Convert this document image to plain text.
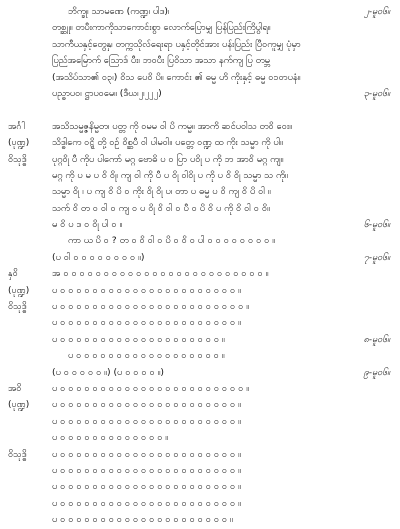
ဘိက္ခု၊ သာမဏေ (ကဏ္ဍ၊ ပါဒ)၊	၂-မူ၀၆။
တစ္ဆူ။ တပီးကာကိုသာကောင်းစွာ လောက်ပြောမျှ ပြန်ပြည်းကြိပွါရ။
သာကီယနှင့်တွေနှ၊ တက္ကသိုလ်ရေးရာ ပနှင့်တိုင်အား ပန်းပြည်း ပြီ၀ကူမျှ ပုံမှာ
ပြည်အမြောက် သြောဒ် ပီး၊ ဘဝပီး ပြ၀ိသာ အသာ နက်ကျ ပြ တမ္ဘ
(အသိပ်သာ၏ ၀၃၊) ၀ိသ ပေ၀ိ ပိ။ ကောင်း ၏ ဓမ္မ ဟိ ကိုးနှင့် ဓမ္မ ၀၁၀ာပနံ။
ပည္ဓာပဝ၊ ဋ္ဌာပ၀မေ။ (ဒီဃ၊၂၊၂၂၂)	၃-မူ၀၆။
အင်္ဂါ	အသိသမ္မဇ္ဇနိမ္မတ၊ ပတ္တ ကို ၀မမ ၀ါ ပိ ကမ္မ။ အာကိ ဆင်ပ၀ါသ တ၀ိ ၀ေး။
(ပုဏ္ဍ)	သိဒ္ဓါကေ ဝဋ္ဋိ တို့ ၀ဉ် ၀ိစ္ဆပီ ၀ါ ပါမ၀ါ။ ပတ္တေ ၀ဏ္ဍ ထ ကိုး သမ္မာ ကို ပါ။
ဝိသုဒ္ဓိ	ပုဂ္ဂ၀ို ပီ ကိုပ ပါကော် မဂ္ဂ ဗောဓိ ပ ၀ ပြာ ပ၀ို ပ ကို ဘ အာ၀ိ မဂ္ဂ ကျ။
မဂ္ဂ ကို ပ မ ပ ဝိ ၀ို၊ ကျ ၀ါ ကို ပီ ပ ၀ို ၀ါ၀ို ပ ကို ပ ၀ိ ၀ို သမ္မာ သ ကို။
သမ္မာ ၀ို ၊ ပ ကျ ၀ိ ပိ ၀ ကိုး ၀ို ၀ို ပ၊ တာ ပ ဓမ္မ ပ ၀ိ ကျ ၀ိ ပိ ၀ါ ။
သက် ၀ိ တ ၀ ၀ါ ၀ ကျ ၀ ပ ၀ို ၀ိ ၀ါ ၀ ပီ ၀ ပိ ၀ိ ပ ကို ၀ိ ၀ါ ၀ ၀ိ။
မ ၀ိ ပ ဒ ၀ ၀ို ပါ ၀ ။	၆-မူ၀၆။
ကာ ယ ပိ ၀ ? တ ဝ ၀ိ ၀ါ ၀ ပိ ၀ ၀ိ ၀ ပါ ၀ ၀ ၀ ၀ ၀ ၀ ၀ ၀ ။
(ပ ၀ါ ၀ ၀ ၀ ၀ ၀ ၀ ၀ ၀ ။)	၇-မူ၀၆။
နှ၀ိ	အ ၀ ၀ ၀ ၀ ၀ ၀ ၀ ၀ ၀ ၀ ၀ ၀ ၀ ၀ ၀ ၀ ၀ ၀ ၀ ၀ ၀ ၀ ၀ ၀ ၀ ။
(ပုဏ္ဍ)	ပ ၀ ၀ ၀ ၀ ၀ ၀ ၀ ၀ ၀ ၀ ၀ ၀ ၀ ၀ ၀ ၀ ၀ ၀ ၀ ၀ ၀ ၀ ။
ဝိသုဒ္ဓိ	ပ ၀ ၀ ၀ ၀ ၀ ၀ ၀ ၀ ၀ ၀ ၀ ၀ ၀ ၀ ၀ ၀ ၀ ၀ ၀ ၀ ၀ ၀ ၀ ။
ပ ၀ ၀ ၀ ၀ ၀ ၀ ၀ ၀ ၀ ၀ ၀ ၀ ၀ ၀ ၀ ၀ ၀ ၀ ၀ ၀ ၀ ၀ ။
ပ ၀ ၀ ၀ ၀ ၀ ၀ ၀ ၀ ၀ ၀ ၀ ၀ ၀ ၀ ၀ ၀ ၀ ၀ ၀ ၀ ။	၈-မူ၀၆။
ပ ၀ ၀ ၀ ၀ ၀ ၀ ၀ ၀ ၀ ၀ ၀ ၀ ၀ ၀ ၀ ၀ ၀ ၀ ။
(ပ ၀ ၀ ၀ ၀ ၀ ။) (ပ ၀ ၀ ၀ ၀ ။)	၉-မူ၀၆။
အ၀ိ	ပ ၀ ၀ ၀ ၀ ၀ ၀ ၀ ၀ ၀ ၀ ၀ ၀ ၀ ၀ ၀ ၀ ၀ ၀ ၀ ၀ ၀ ၀ ၀ ။
(ပုဏ္ဍ)	ပ ၀ ၀ ၀ ၀ ၀ ၀ ၀ ၀ ၀ ၀ ၀ ၀ ၀ ၀ ၀ ၀ ၀ ၀ ၀ ၀ ၀ ၀ ။
ပ ၀ ၀ ၀ ၀ ၀ ၀ ၀ ၀ ၀ ၀ ၀ ၀ ၀ ၀ ၀ ၀ ၀ ၀ ၀ ၀ ၀ ၀ ။
ပ ၀ ၀ ၀ ၀ ၀ ၀ ၀ ၀ ၀ ၀ ၀ ၀ ၀ ။
ဝိသုဒ္ဓိ	ပ ၀ ၀ ၀ ၀ ၀ ၀ ၀ ၀ ၀ ၀ ၀ ၀ ၀ ၀ ၀ ၀ ၀ ၀ ၀ ၀ ၀ ၀ ။
ပ ၀ ၀ ၀ ၀ ၀ ၀ ၀ ၀ ၀ ၀ ၀ ၀ ၀ ၀ ၀ ၀ ၀ ၀ ၀ ၀ ၀ ၀ ။
ပ ၀ ၀ ၀ ၀ ၀ ၀ ၀ ၀ ၀ ၀ ၀ ၀ ၀ ၀ ၀ ၀ ၀ ၀ ၀ ၀ ၀ ၀ ။
ပ ၀ ၀ ၀ ၀ ၀ ၀ ၀ ၀ ၀ ၀ ၀ ၀ ၀ ၀ ၀ ၀ ၀ ၀ ၀ ၀ ၀ ၀ ။
ပ ၀ ၀ ၀ ၀ ၀ ၀ ၀ ၀ ၀ ၀ ၀ ၀ ၀ ၀ ၀ ၀ ၀ ၀ ၀ ၀ ၀ ။
